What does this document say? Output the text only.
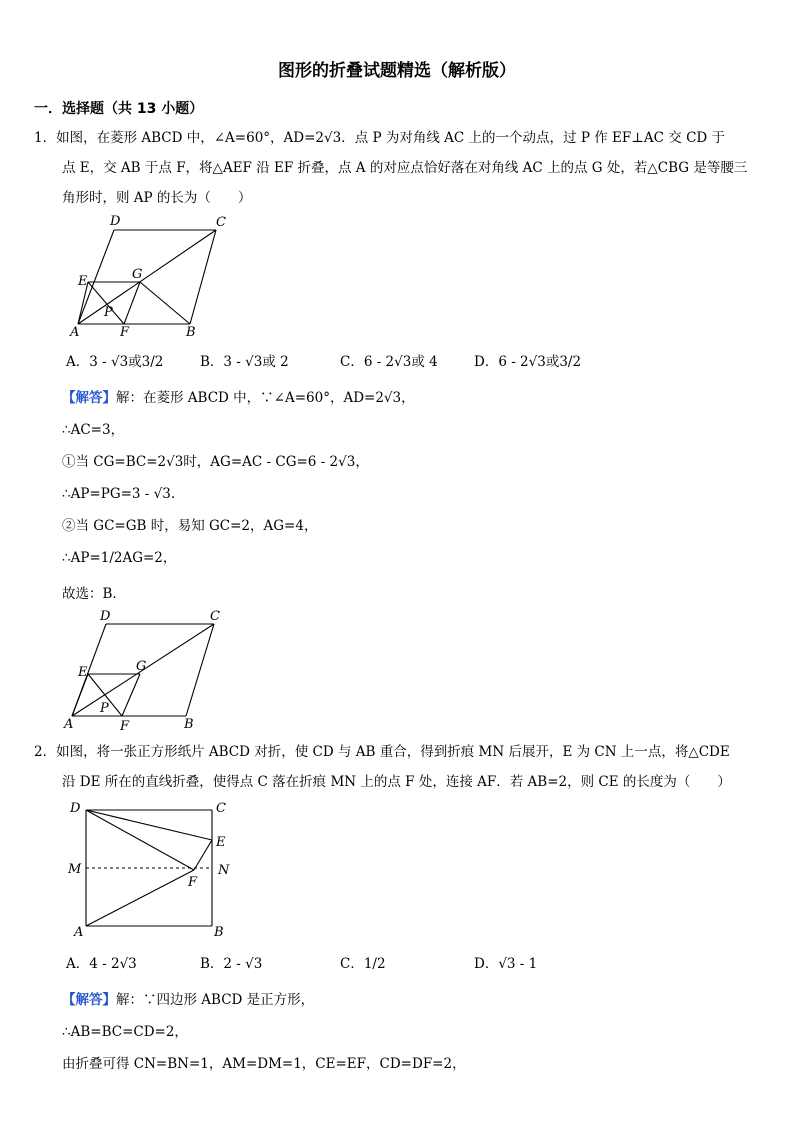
图形的折叠试题精选（解析版）
一．选择题（共 13 小题）
1．如图，在菱形 ABCD 中，∠A=60°，AD=2√3．点 P 为对角线 AC 上的一个动点，过 P 作 EF⊥AC 交 CD 于
点 E，交 AB 于点 F，将△AEF 沿 EF 折叠，点 A 的对应点恰好落在对角线 AC 上的点 G 处，若△CBG 是等腰三
角形时，则 AP 的长为（　　）
D	C
E	G
P
A	F	B
A．3 - √3或3/2	B．3 - √3或 2	C．6 - 2√3或 4	D．6 - 2√3或3/2
【解答】解：在菱形 ABCD 中，∵∠A=60°，AD=2√3，
∴AC=3，
①当 CG=BC=2√3时，AG=AC - CG=6 - 2√3，
∴AP=PG=3 - √3.
②当 GC=GB 时，易知 GC=2，AG=4，
∴AP=1/2AG=2，
故选：B．
D	C
E	G
P
A	F	B
2．如图，将一张正方形纸片 ABCD 对折，使 CD 与 AB 重合，得到折痕 MN 后展开，E 为 CN 上一点，将△CDE
沿 DE 所在的直线折叠，使得点 C 落在折痕 MN 上的点 F 处，连接 AF．若 AB=2，则 CE 的长度为（　　）
D	C
E
M	N
F
A	B
A．4 - 2√3	B．2 - √3	C．1/2	D．√3 - 1
【解答】解：∵四边形 ABCD 是正方形，
∴AB=BC=CD=2，
由折叠可得 CN=BN=1，AM=DM=1，CE=EF，CD=DF=2，
